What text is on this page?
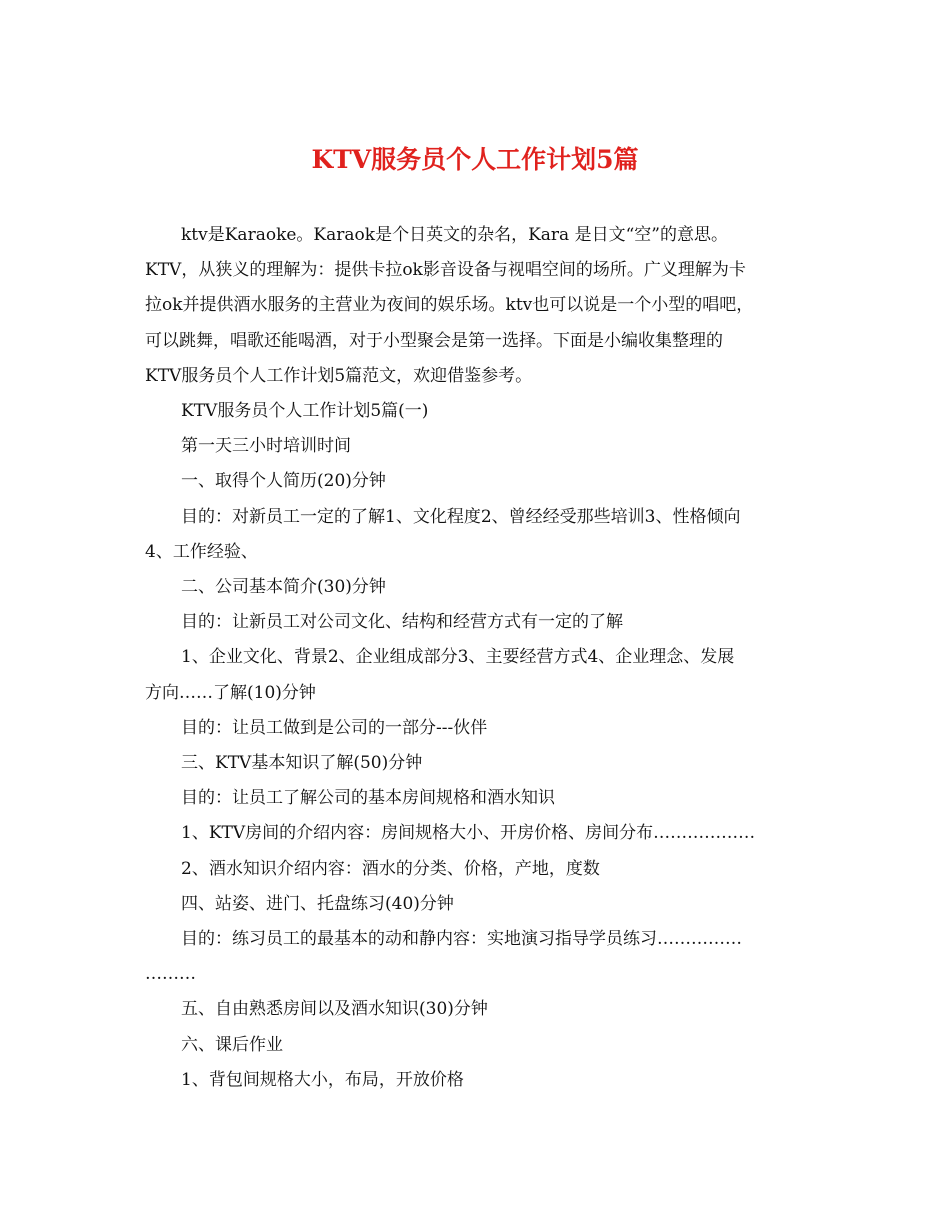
KTV服务员个人工作计划5篇
ktv是Karaoke。Karaok是个日英文的杂名，Kara 是日文“空”的意思。
KTV，从狭义的理解为：提供卡拉ok影音设备与视唱空间的场所。广义理解为卡
拉ok并提供酒水服务的主营业为夜间的娱乐场。ktv也可以说是一个小型的唱吧，
可以跳舞，唱歌还能喝酒，对于小型聚会是第一选择。下面是小编收集整理的
KTV服务员个人工作计划5篇范文，欢迎借鉴参考。

KTV服务员个人工作计划5篇(一)

第一天三小时培训时间

一、取得个人简历(20)分钟

目的：对新员工一定的了解1、文化程度2、曾经经受那些培训3、性格倾向
4、工作经验、

二、公司基本简介(30)分钟

目的：让新员工对公司文化、结构和经营方式有一定的了解

1、企业文化、背景2、企业组成部分3、主要经营方式4、企业理念、发展
方向……了解(10)分钟

目的：让员工做到是公司的一部分---伙伴

三、KTV基本知识了解(50)分钟

目的：让员工了解公司的基本房间规格和酒水知识

1、KTV房间的介绍内容：房间规格大小、开房价格、房间分布………………

2、酒水知识介绍内容：酒水的分类、价格，产地，度数

四、站姿、进门、托盘练习(40)分钟

目的：练习员工的最基本的动和静内容：实地演习指导学员练习……………
………

五、自由熟悉房间以及酒水知识(30)分钟

六、课后作业

1、背包间规格大小，布局，开放价格
